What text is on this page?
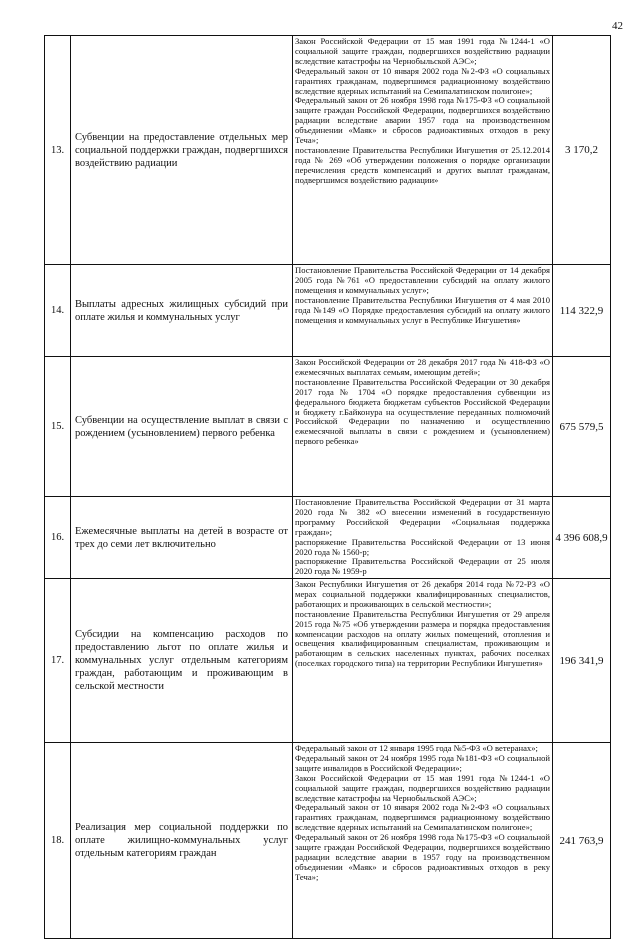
42
13.	Субвенции на предоставление отдельных мер социальной поддержки граждан, подвергшихся воздействию радиации	Закон Российской Федерации от 15 мая 1991 года №1244-1 «О социальной защите граждан, подвергшихся воздействию радиации вследствие катастрофы на Чернобыльской АЭС»;
Федеральный закон от 10 января 2002 года №2-ФЗ «О социальных гарантиях гражданам, подвергшимся радиационному воздействию вследствие ядерных испытаний на Семипалатинском полигоне»;
Федеральный закон от 26 ноября 1998 года №175-ФЗ «О социальной защите граждан Российской Федерации, подвергшихся воздействию радиации вследствие аварии 1957 года на производственном объединении «Маяк» и сбросов радиоактивных отходов в реку Теча»;
постановление Правительства Республики Ингушетия от 25.12.2014 года № 269 «Об утверждении положения о порядке организации перечисления средств компенсаций и других выплат гражданам, подвергшимся воздействию радиации»	3 170,2
14.	Выплаты адресных жилищных субсидий при оплате жилья и коммунальных услуг	Постановление Правительства Российской Федерации от 14 декабря 2005 года №761 «О предоставлении субсидий на оплату жилого помещения и коммунальных услуг»;
постановление Правительства Республики Ингушетия от 4 мая 2010 года №149 «О Порядке предоставления субсидий на оплату жилого помещения и коммунальных услуг в Республике Ингушетия»	114 322,9
15.	Субвенции на осуществление выплат в связи с рождением (усыновлением) первого ребенка	Закон Российской Федерации от 28 декабря 2017 года № 418-ФЗ «О ежемесячных выплатах семьям, имеющим детей»;
постановление Правительства Российской Федерации от 30 декабря 2017 года № 1704 «О порядке предоставления субвенции из федерального бюджета бюджетам субъектов Российской Федерации и бюджету г.Байконура на осуществление переданных полномочий Российской Федерации по назначению и осуществлению ежемесячной выплаты в связи с рождением и (усыновлением) первого ребенка»	675 579,5
16.	Ежемесячные выплаты на детей в возрасте от трех до семи лет включительно	Постановление Правительства Российской Федерации от 31 марта 2020 года № 382 «О внесении изменений в государственную программу Российской Федерации «Социальная поддержка граждан»;
распоряжение Правительства Российской Федерации от 13 июня 2020 года № 1560-р;
распоряжение Правительства Российской Федерации от 25 июля 2020 года № 1959-р	4 396 608,9
17.	Субсидии на компенсацию расходов по предоставлению льгот по оплате жилья и коммунальных услуг отдельным категориям граждан, работающим и проживающим в сельской местности	Закон Республики Ингушетия от 26 декабря 2014 года №72-РЗ «О мерах социальной поддержки квалифицированных специалистов, работающих и проживающих в сельской местности»;
постановление Правительства Республики Ингушетия от 29 апреля 2015 года №75 «Об утверждении размера и порядка предоставления компенсации расходов на оплату жилых помещений, отопления и освещения квалифицированным специалистам, проживающим и работающим в сельских населенных пунктах, рабочих поселках (поселках городского типа) на территории Республики Ингушетия»	196 341,9
18.	Реализация мер социальной поддержки по оплате жилищно-коммунальных услуг отдельным категориям граждан	Федеральный закон от 12 января 1995 года №5-ФЗ «О ветеранах»;
Федеральный закон от 24 ноября 1995 года №181-ФЗ «О социальной защите инвалидов в Российской Федерации»;
Закон Российской Федерации от 15 мая 1991 года №1244-1 «О социальной защите граждан, подвергшихся воздействию радиации вследствие катастрофы на Чернобыльской АЭС»;
Федеральный закон от 10 января 2002 года №2-ФЗ «О социальных гарантиях гражданам, подвергшимся радиационному воздействию вследствие ядерных испытаний на Семипалатинском полигоне»;
Федеральный закон от 26 ноября 1998 года №175-ФЗ «О социальной защите граждан Российской Федерации, подвергшихся воздействию радиации вследствие аварии в 1957 году на производственном объединении «Маяк» и сбросов радиоактивных отходов в реку Теча»;	241 763,9
